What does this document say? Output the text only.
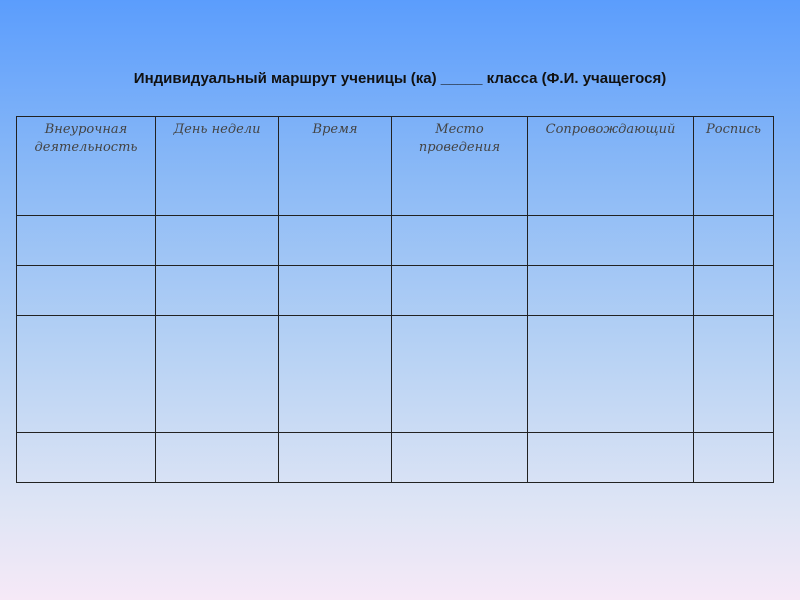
Индивидуальный маршрут ученицы (ка) _____ класса (Ф.И. учащегося)
Внеурочная деятельность	День недели	Время	Место проведения	Сопровождающий	Роспись
